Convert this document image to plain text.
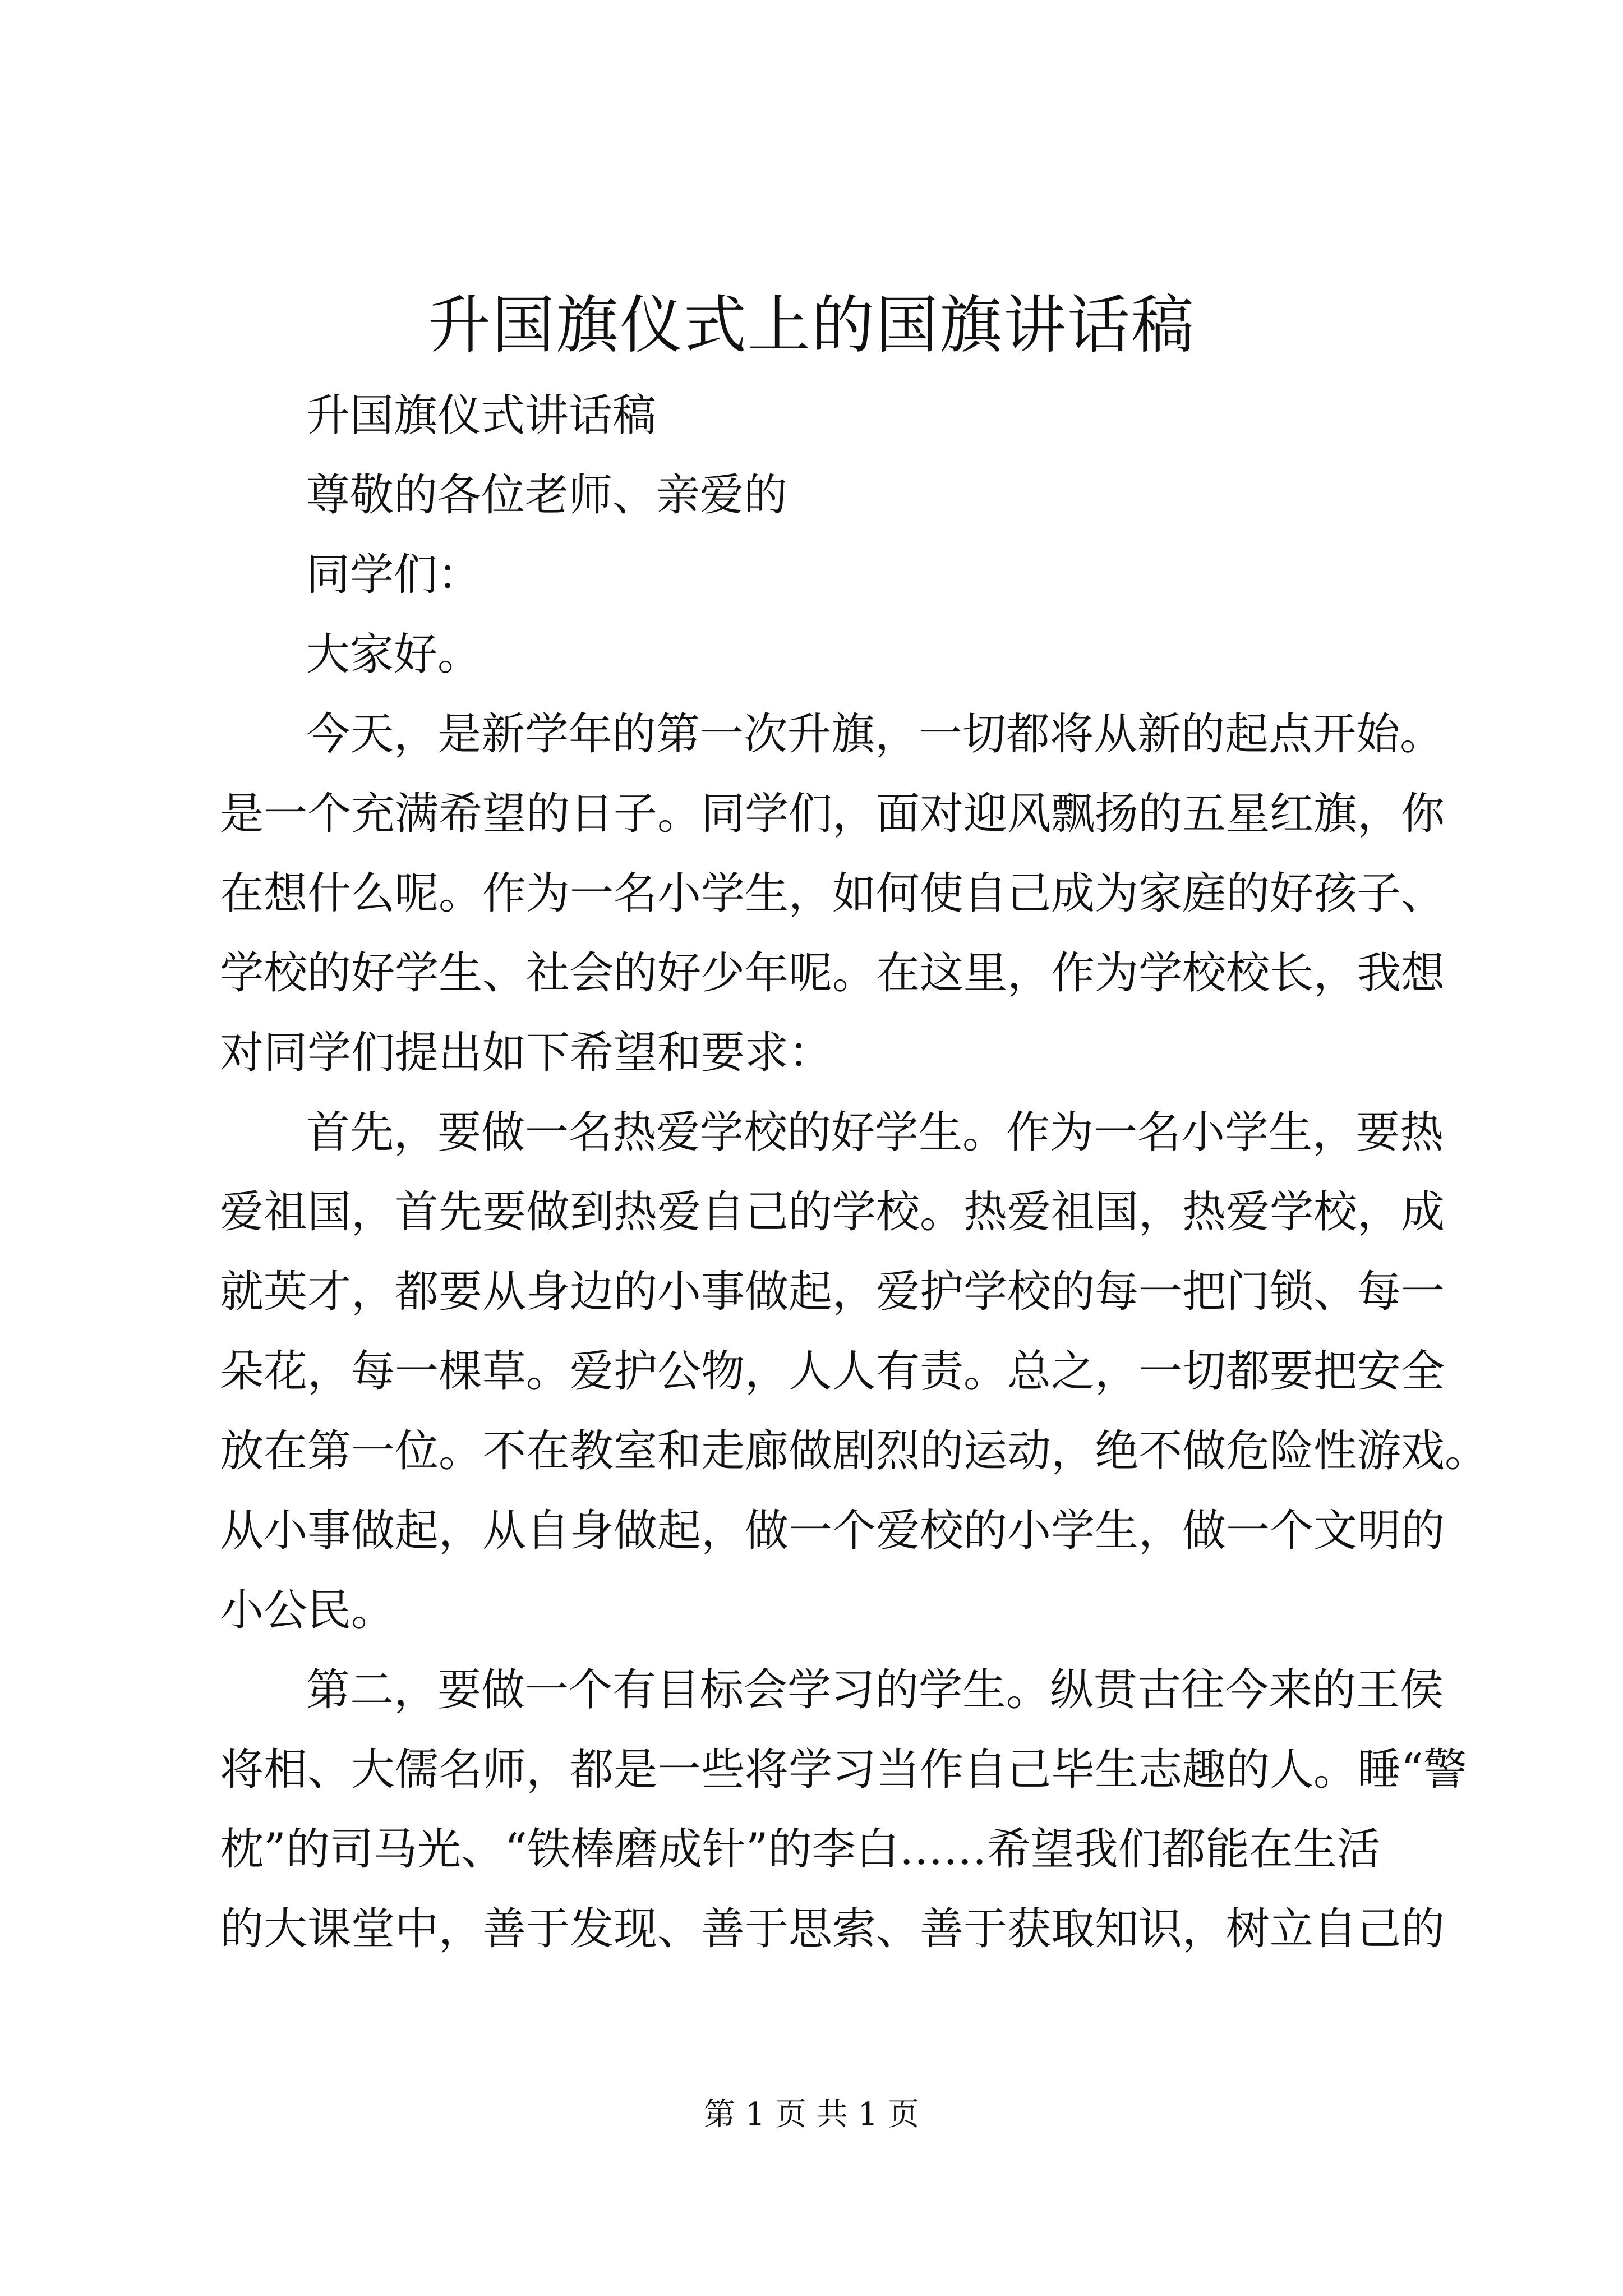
升国旗仪式上的国旗讲话稿
升国旗仪式讲话稿
尊敬的各位老师、亲爱的
同学们：
大家好。
今天，是新学年的第一次升旗，一切都将从新的起点开始。
是一个充满希望的日子。同学们，面对迎风飘扬的五星红旗，你
在想什么呢。作为一名小学生，如何使自己成为家庭的好孩子、
学校的好学生、社会的好少年呢。在这里，作为学校校长，我想
对同学们提出如下希望和要求：
首先，要做一名热爱学校的好学生。作为一名小学生，要热
爱祖国，首先要做到热爱自己的学校。热爱祖国，热爱学校，成
就英才，都要从身边的小事做起，爱护学校的每一把门锁、每一
朵花，每一棵草。爱护公物，人人有责。总之，一切都要把安全
放在第一位。不在教室和走廊做剧烈的运动，绝不做危险性游戏。
从小事做起，从自身做起，做一个爱校的小学生，做一个文明的
小公民。
第二，要做一个有目标会学习的学生。纵贯古往今来的王侯
将相、大儒名师，都是一些将学习当作自己毕生志趣的人。睡“警
枕”的司马光、“铁棒磨成针”的李白……希望我们都能在生活
的大课堂中，善于发现、善于思索、善于获取知识，树立自己的
第 1 页 共 1 页
